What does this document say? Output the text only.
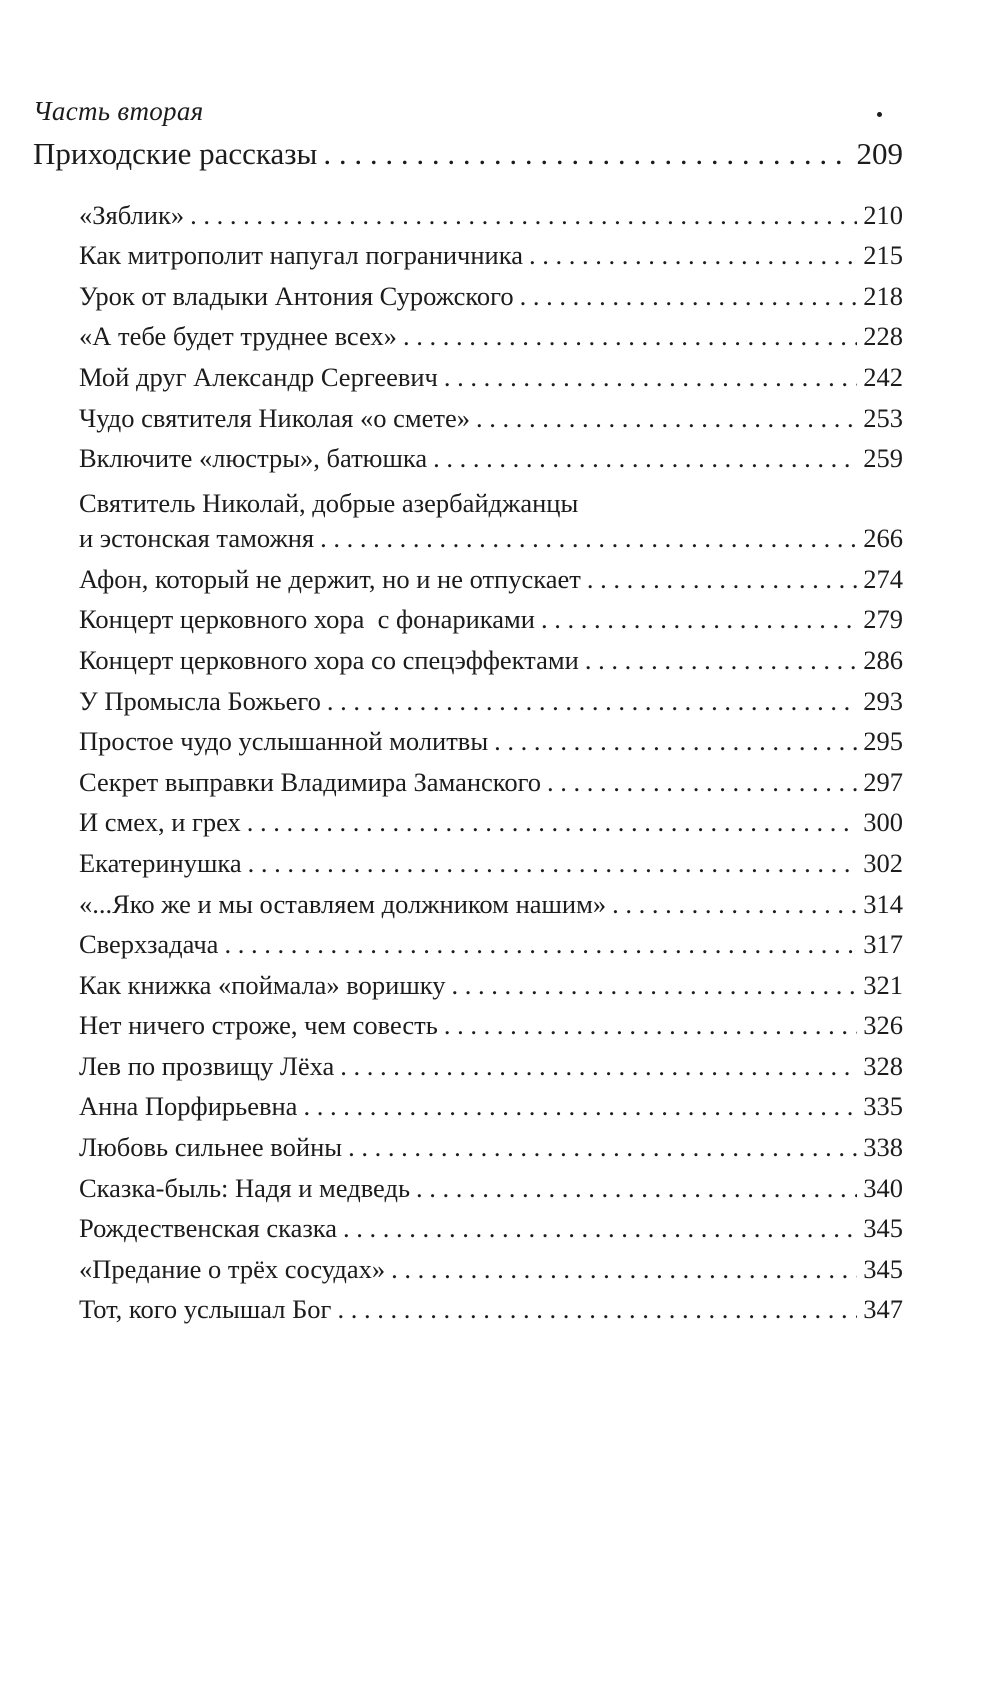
Часть вторая
Приходские рассказы . . .	209
«Зяблик» . . .	210
Как митрополит напугал пограничника . . .	215
Урок от владыки Антония Сурожского . . .	218
«А тебе будет труднее всех» . . .	228
Мой друг Александр Сергеевич . . .	242
Чудо святителя Николая «о смете» . . .	253
Включите «люстры», батюшка . . .	259
Святитель Николай, добрые азербайджанцы
и эстонская таможня . . .	266
Афон, который не держит, но и не отпускает . . .	274
Концерт церковного хора  с фонариками . . .	279
Концерт церковного хора со спецэффектами . . .	286
У Промысла Божьего . . .	293
Простое чудо услышанной молитвы . . .	295
Секрет выправки Владимира Заманского . . .	297
И смех, и грех . . .	300
Екатеринушка . . .	302
«...Яко же и мы оставляем должником нашим» . . .	314
Сверхзадача . . .	317
Как книжка «поймала» воришку . . .	321
Нет ничего строже, чем совесть . . .	326
Лев по прозвищу Лёха . . .	328
Анна Порфирьевна . . .	335
Любовь сильнее войны . . .	338
Сказка-быль: Надя и медведь . . .	340
Рождественская сказка . . .	345
«Предание о трёх сосудах» . . .	345
Тот, кого услышал Бог . . .	347
